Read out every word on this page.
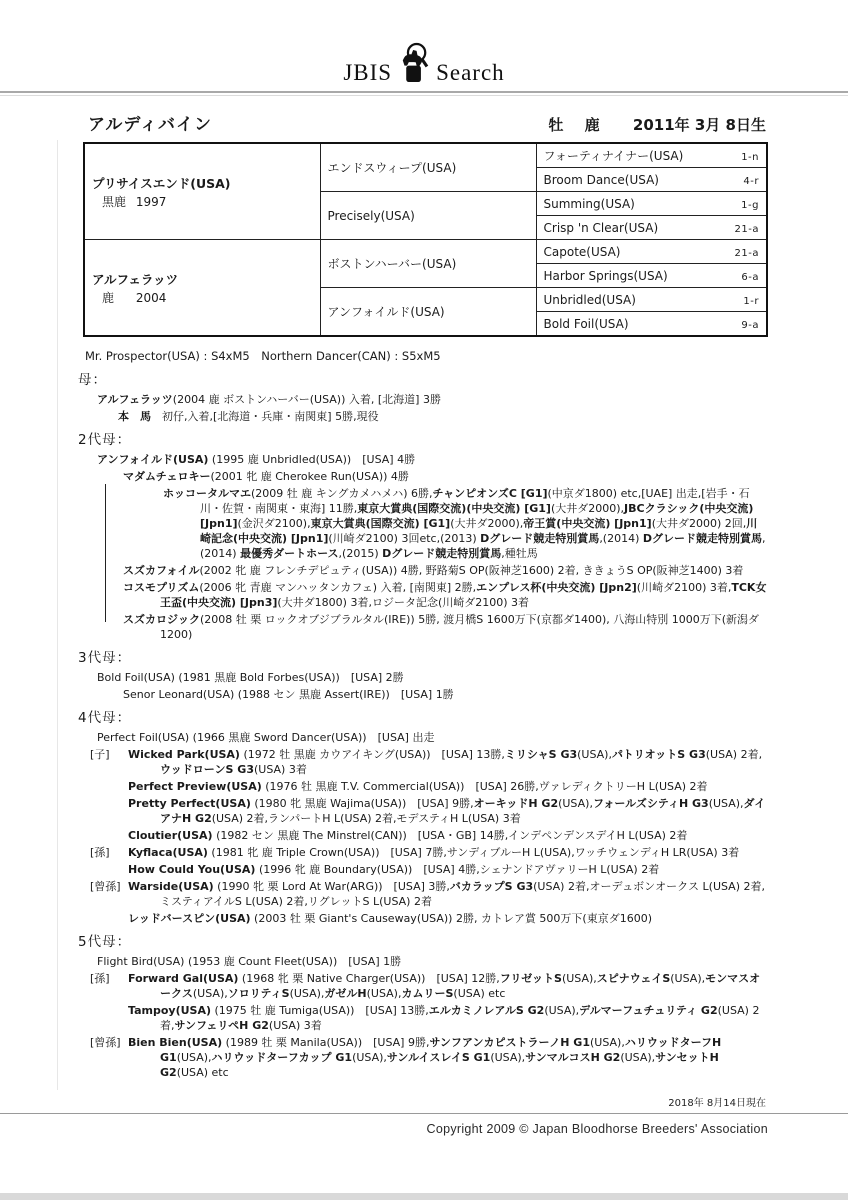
JBIS Search
アルディバイン	牡 鹿 2011年 3月 8日生
プリサイスエンド(USA)
黒鹿 1997
	エンドスウィープ(USA)	
フォーティナイナー(USA)	1-n

		Broom Dance(USA) 4-r

	Precisely(USA)	Summing(USA) 1-g

		Crisp 'n Clear(USA) 21-a

アルフェラッツ
鹿 2004
	ボストンハーバー(USA)	
Capote(USA)	21-a

		Harbor Springs(USA) 6-a

	アンフォイルド(USA)	Unbridled(USA) 1-r

		Bold Foil(USA) 9-a
Mr. Prospector(USA) : S4xM5　Northern Dancer(CAN) : S5xM5
母：
アルフェラッツ(2004 鹿 ボストンハーバー(USA)) 入着, [北海道] 3勝
本　馬　初仔,入着,[北海道・兵庫・南関東] 5勝,現役
2代母：
アンフォイルド(USA) (1995 鹿 Unbridled(USA))　[USA] 4勝
マダムチェロキー(2001 牝 鹿 Cherokee Run(USA)) 4勝
ホッコータルマエ(2009 牡 鹿 キングカメハメハ) 6勝,チャンピオンズC [G1](中京ダ1800) etc,[UAE] 出走,[岩手・石川・佐賀・南関東・東海] 11勝,東京大賞典(国際交流)(中央交流) [G1](大井ダ2000),JBCクラシック(中央交流) [Jpn1](金沢ダ2100),東京大賞典(国際交流) [G1](大井ダ2000),帝王賞(中央交流) [Jpn1](大井ダ2000) 2回,川崎記念(中央交流) [Jpn1](川崎ダ2100) 3回etc,(2013) Dグレード競走特別賞馬,(2014) Dグレード競走特別賞馬,(2014) 最優秀ダートホース,(2015) Dグレード競走特別賞馬,種牡馬
スズカフォイル(2002 牝 鹿 フレンチデピュティ(USA)) 4勝, 野路菊S OP(阪神芝1600) 2着, ききょうS OP(阪神芝1400) 3着
コスモプリズム(2006 牝 青鹿 マンハッタンカフェ) 入着, [南関東] 2勝,エンプレス杯(中央交流) [Jpn2](川崎ダ2100) 3着,TCK女王盃(中央交流) [Jpn3](大井ダ1800) 3着,ロジータ記念(川崎ダ2100) 3着
スズカロジック(2008 牡 栗 ロックオブジブラルタル(IRE)) 5勝, 渡月橋S 1600万下(京都ダ1400), 八海山特別 1000万下(新潟ダ1200)
3代母：
Bold Foil(USA) (1981 黒鹿 Bold Forbes(USA))　[USA] 2勝
Senor Leonard(USA) (1988 セン 黒鹿 Assert(IRE))　[USA] 1勝
4代母：
Perfect Foil(USA) (1966 黒鹿 Sword Dancer(USA))　[USA] 出走
[子] Wicked Park(USA) (1972 牡 黒鹿 カウアイキング(USA))　[USA] 13勝,ミリシャS G3(USA),パトリオットS G3(USA) 2着,ウッドローンS G3(USA) 3着
Perfect Preview(USA) (1976 牡 黒鹿 T.V. Commercial(USA))　[USA] 26勝,ヴァレディクトリーH L(USA) 2着
Pretty Perfect(USA) (1980 牝 黒鹿 Wajima(USA))　[USA] 9勝,オーキッドH G2(USA),フォールズシティH G3(USA),ダイアナH G2(USA) 2着,ランパートH L(USA) 2着,モデスティH L(USA) 3着
Cloutier(USA) (1982 セン 黒鹿 The Minstrel(CAN))　[USA・GB] 14勝,インデペンデンスデイH L(USA) 2着
[孫] Kyflaca(USA) (1981 牝 鹿 Triple Crown(USA))　[USA] 7勝,サンディブルーH L(USA),ワッチウェンディH LR(USA) 3着
How Could You(USA) (1996 牝 鹿 Boundary(USA))　[USA] 4勝,シェナンドアヴァリーH L(USA) 2着
[曾孫] Warside(USA) (1990 牝 栗 Lord At War(ARG))　[USA] 3勝,バカラップS G3(USA) 2着,オーデュボンオークス L(USA) 2着,ミスティアイルS L(USA) 2着,リグレットS L(USA) 2着
レッドバースピン(USA) (2003 牡 栗 Giant's Causeway(USA)) 2勝, カトレア賞 500万下(東京ダ1600)
5代母：
Flight Bird(USA) (1953 鹿 Count Fleet(USA))　[USA] 1勝
[孫] Forward Gal(USA) (1968 牝 栗 Native Charger(USA))　[USA] 12勝,フリゼットS(USA),スピナウェイS(USA),モンマスオークス(USA),ソロリティS(USA),ガゼルH(USA),カムリーS(USA) etc
Tampoy(USA) (1975 牡 鹿 Tumiga(USA))　[USA] 13勝,エルカミノレアルS G2(USA),デルマーフュチュリティ G2(USA) 2着,サンフェリペH G2(USA) 3着
[曾孫] Bien Bien(USA) (1989 牡 栗 Manila(USA))　[USA] 9勝,サンフアンカピストラーノH G1(USA),ハリウッドターフH G1(USA),ハリウッドターフカップ G1(USA),サンルイスレイS G1(USA),サンマルコスH G2(USA),サンセットH G2(USA) etc
2018年 8月14日現在
Copyright 2009 © Japan Bloodhorse Breeders' Association
